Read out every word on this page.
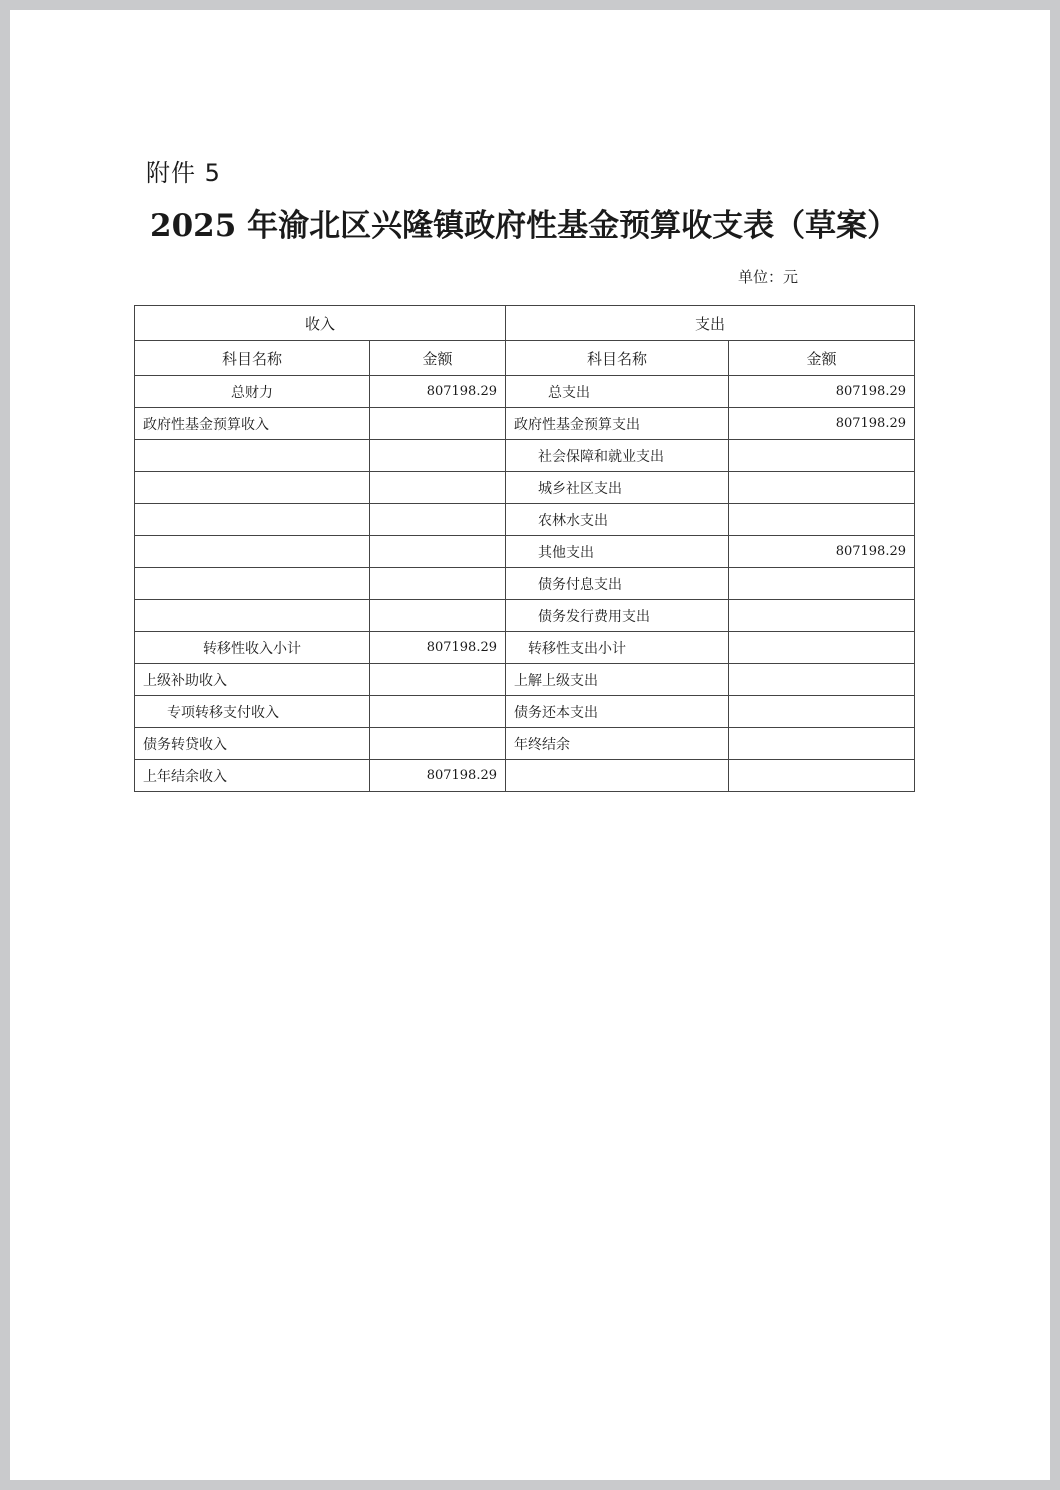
附件 5
2025 年渝北区兴隆镇政府性基金预算收支表（草案）
单位：元
收入		支出	
科目名称	金额	科目名称	金额
总财力	807198.29	总支出	807198.29
政府性基金预算收入		政府性基金预算支出	807198.29
		社会保障和就业支出	
		城乡社区支出	
		农林水支出	
		其他支出	807198.29
		债务付息支出	
		债务发行费用支出	
转移性收入小计	807198.29	转移性支出小计	
上级补助收入		上解上级支出	
专项转移支付收入		债务还本支出	
债务转贷收入		年终结余	
上年结余收入	807198.29		
